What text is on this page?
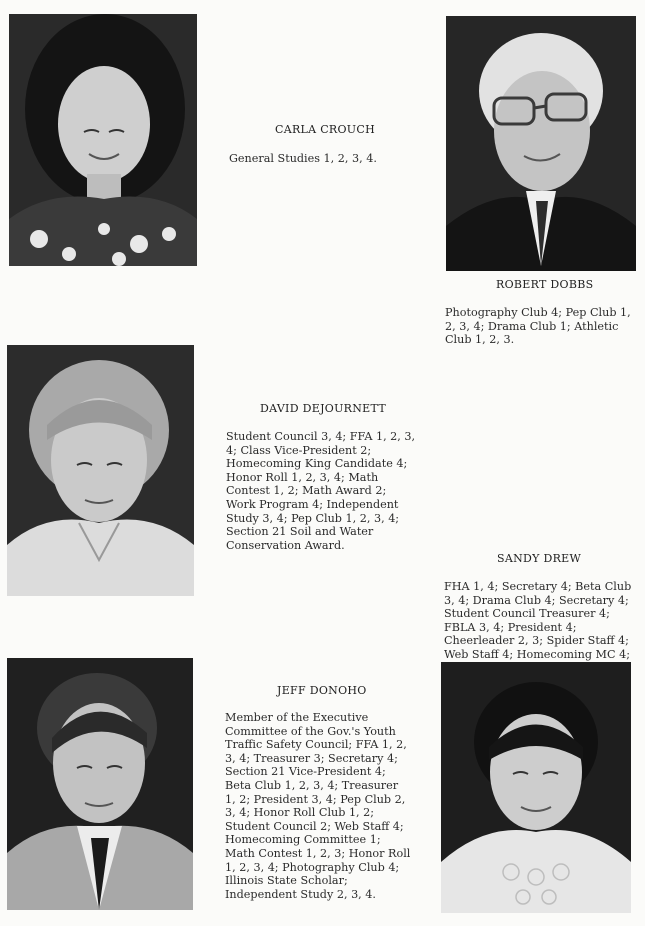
CARLA CROUCH
General Studies 1, 2, 3, 4.
ROBERT DOBBS
Photography Club 4; Pep Club 1, 2, 3, 4; Drama Club 1; Athletic Club 1, 2, 3.
DAVID DEJOURNETT
Student Council 3, 4; FFA 1, 2, 3, 4; Class Vice-President 2; Homecoming King Candidate 4; Honor Roll 1, 2, 3, 4; Math Contest 1, 2; Math Award 2; Work Program 4; Independent Study 3, 4; Pep Club 1, 2, 3, 4; Section 21 Soil and Water Conservation Award.
SANDY DREW
FHA 1, 4; Secretary 4; Beta Club 3, 4; Drama Club 4; Secretary 4; Student Council Treasurer 4; FBLA 3, 4; President 4; Cheerleader 2, 3; Spider Staff 4; Web Staff 4; Homecoming MC 4;
JEFF DONOHO
Member of the Executive Committee of the Gov.'s Youth Traffic Safety Council; FFA 1, 2, 3, 4; Treasurer 3; Secretary 4; Section 21 Vice-President 4; Beta Club 1, 2, 3, 4; Treasurer 1, 2; President 3, 4; Pep Club 2, 3, 4; Honor Roll Club 1, 2; Student Council 2; Web Staff 4; Homecoming Committee 1; Math Contest 1, 2, 3; Honor Roll 1, 2, 3, 4; Photography Club 4; Illinois State Scholar; Independent Study 2, 3, 4.
